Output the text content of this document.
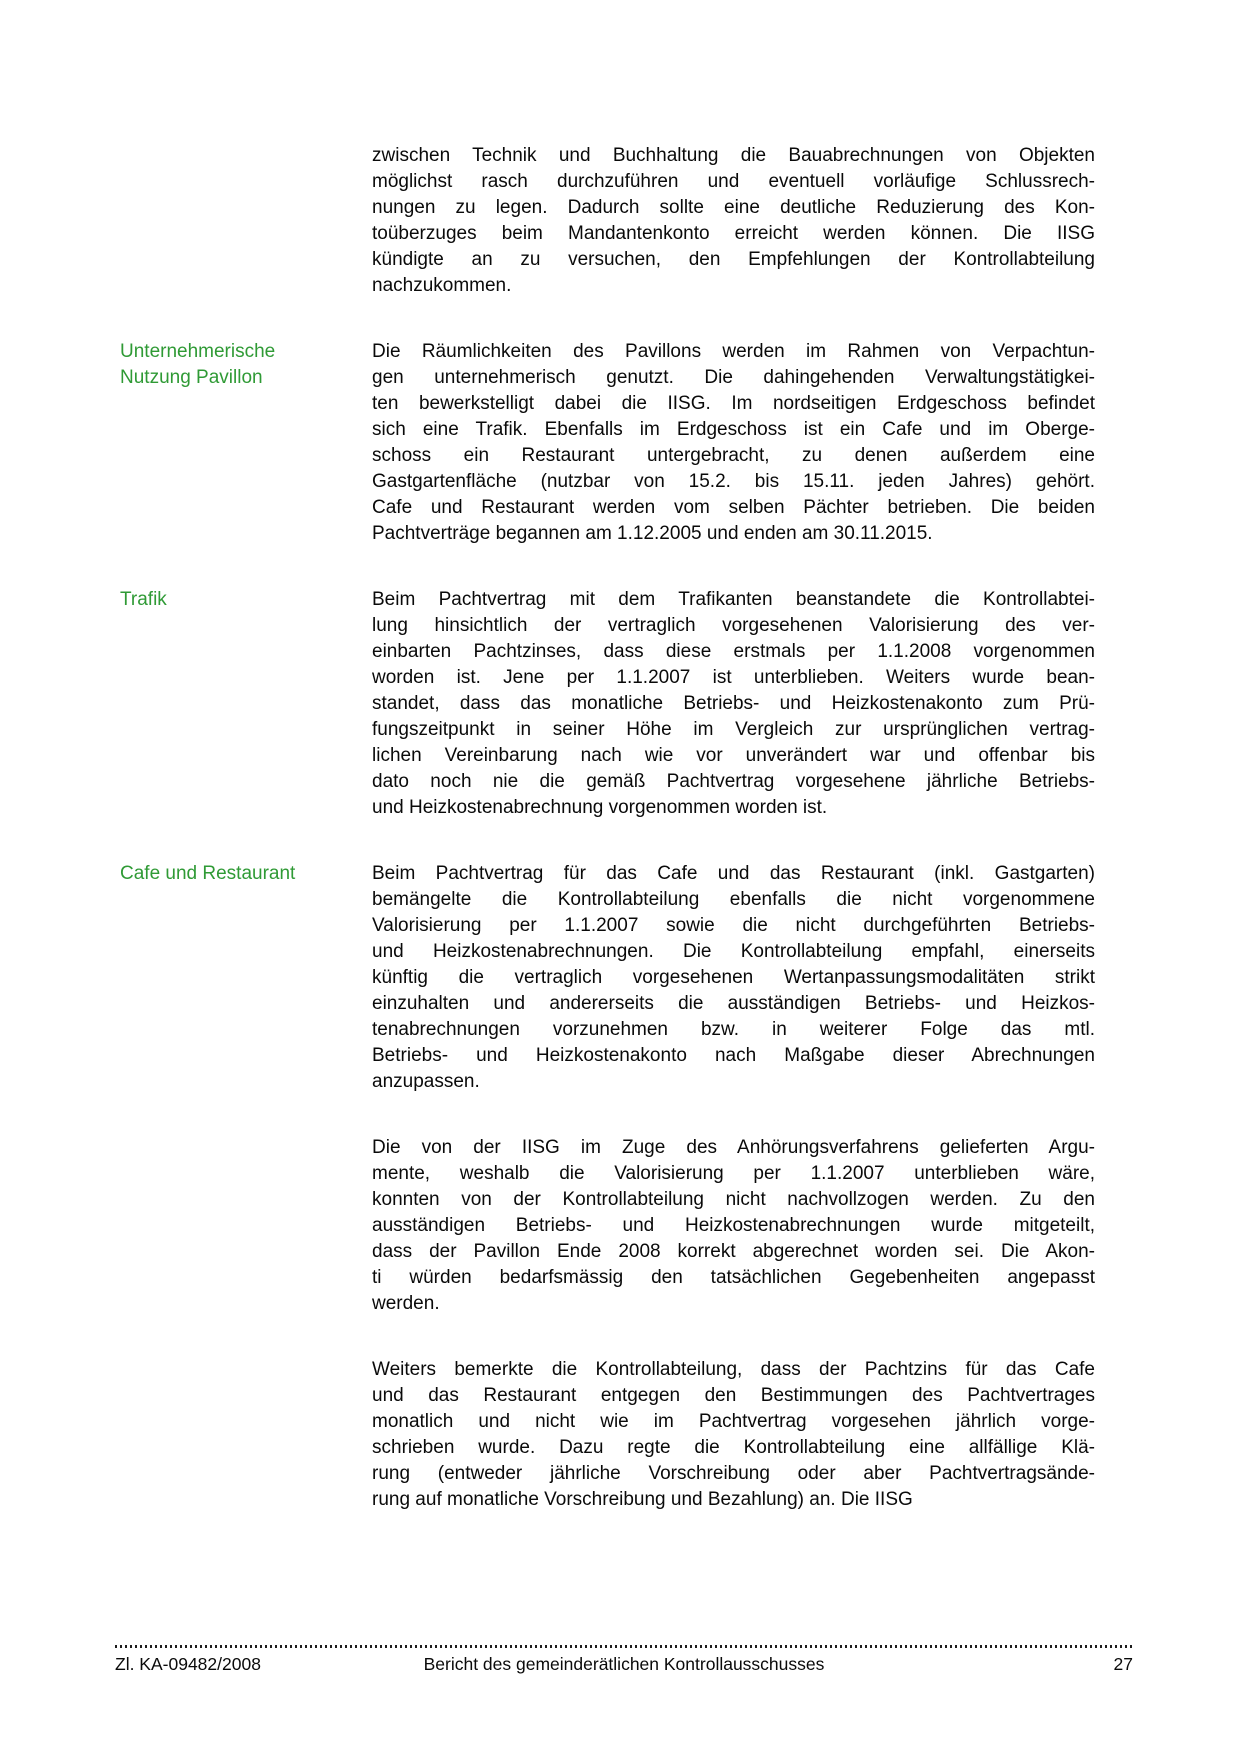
zwischen Technik und Buchhaltung die Bauabrechnungen von Objekten
möglichst rasch durchzuführen und eventuell vorläufige Schlussrech-
nungen zu legen. Dadurch sollte eine deutliche Reduzierung des Kon-
toüberzuges beim Mandantenkonto erreicht werden können. Die IISG
kündigte an zu versuchen, den Empfehlungen der Kontrollabteilung
nachzukommen.
Unternehmerische
Nutzung Pavillon
Die Räumlichkeiten des Pavillons werden im Rahmen von Verpachtun-
gen unternehmerisch genutzt. Die dahingehenden Verwaltungstätigkei-
ten bewerkstelligt dabei die IISG. Im nordseitigen Erdgeschoss befindet
sich eine Trafik. Ebenfalls im Erdgeschoss ist ein Cafe und im Oberge-
schoss ein Restaurant untergebracht, zu denen außerdem eine
Gastgartenfläche (nutzbar von 15.2. bis 15.11. jeden Jahres) gehört.
Cafe und Restaurant werden vom selben Pächter betrieben. Die beiden
Pachtverträge begannen am 1.12.2005 und enden am 30.11.2015.
Trafik	Beim Pachtvertrag mit dem Trafikanten beanstandete die Kontrollabtei-
lung hinsichtlich der vertraglich vorgesehenen Valorisierung des ver-
einbarten Pachtzinses, dass diese erstmals per 1.1.2008 vorgenommen
worden ist. Jene per 1.1.2007 ist unterblieben. Weiters wurde bean-
standet, dass das monatliche Betriebs- und Heizkostenakonto zum Prü-
fungszeitpunkt in seiner Höhe im Vergleich zur ursprünglichen vertrag-
lichen Vereinbarung nach wie vor unverändert war und offenbar bis
dato noch nie die gemäß Pachtvertrag vorgesehene jährliche Betriebs-
und Heizkostenabrechnung vorgenommen worden ist.
Cafe und Restaurant	Beim Pachtvertrag für das Cafe und das Restaurant (inkl. Gastgarten)
bemängelte die Kontrollabteilung ebenfalls die nicht vorgenommene
Valorisierung per 1.1.2007 sowie die nicht durchgeführten Betriebs-
und Heizkostenabrechnungen. Die Kontrollabteilung empfahl, einerseits
künftig die vertraglich vorgesehenen Wertanpassungsmodalitäten strikt
einzuhalten und andererseits die ausständigen Betriebs- und Heizkos-
tenabrechnungen vorzunehmen bzw. in weiterer Folge das mtl.
Betriebs- und Heizkostenakonto nach Maßgabe dieser Abrechnungen
anzupassen.
Die von der IISG im Zuge des Anhörungsverfahrens gelieferten Argu-
mente, weshalb die Valorisierung per 1.1.2007 unterblieben wäre,
konnten von der Kontrollabteilung nicht nachvollzogen werden. Zu den
ausständigen Betriebs- und Heizkostenabrechnungen wurde mitgeteilt,
dass der Pavillon Ende 2008 korrekt abgerechnet worden sei. Die Akon-
ti würden bedarfsmässig den tatsächlichen Gegebenheiten angepasst
werden.
Weiters bemerkte die Kontrollabteilung, dass der Pachtzins für das Cafe
und das Restaurant entgegen den Bestimmungen des Pachtvertrages
monatlich und nicht wie im Pachtvertrag vorgesehen jährlich vorge-
schrieben wurde. Dazu regte die Kontrollabteilung eine allfällige Klä-
rung (entweder jährliche Vorschreibung oder aber Pachtvertragsände-
rung auf monatliche Vorschreibung und Bezahlung) an. Die IISG
Zl. KA-09482/2008	Bericht des gemeinderätlichen Kontrollausschusses	27
